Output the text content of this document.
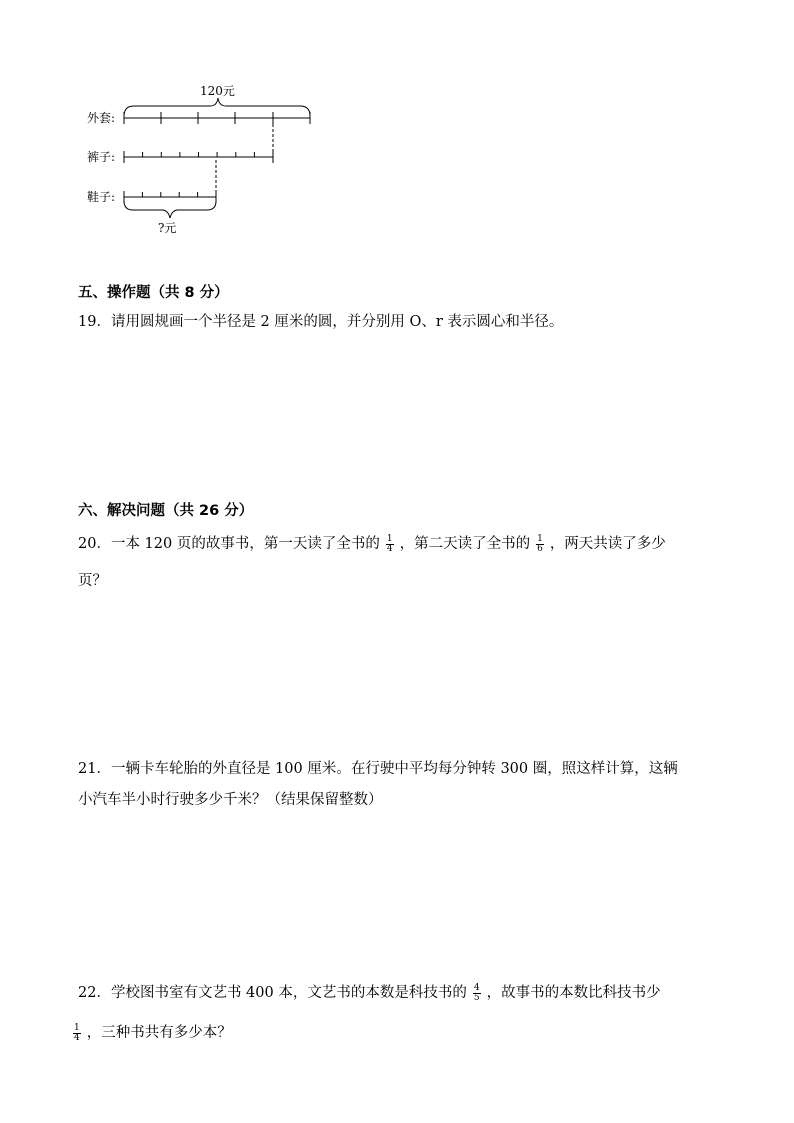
120元
外套:
裤子:
鞋子:
?元
五、操作题（共 8 分）
19．请用圆规画一个半径是 2 厘米的圆，并分别用 O、r 表示圆心和半径。
六、解决问题（共 26 分）
20．一本 120 页的故事书，第一天读了全书的 $\frac{1}{4}$ ，第二天读了全书的 $\frac{1}{6}$ ，两天共读了多少
页？
21．一辆卡车轮胎的外直径是 100 厘米。在行驶中平均每分钟转 300 圈，照这样计算，这辆
小汽车半小时行驶多少千米？（结果保留整数）
22．学校图书室有文艺书 400 本，文艺书的本数是科技书的 $\frac{4}{5}$ ，故事书的本数比科技书少
$\frac{1}{4}$ ，三种书共有多少本？
